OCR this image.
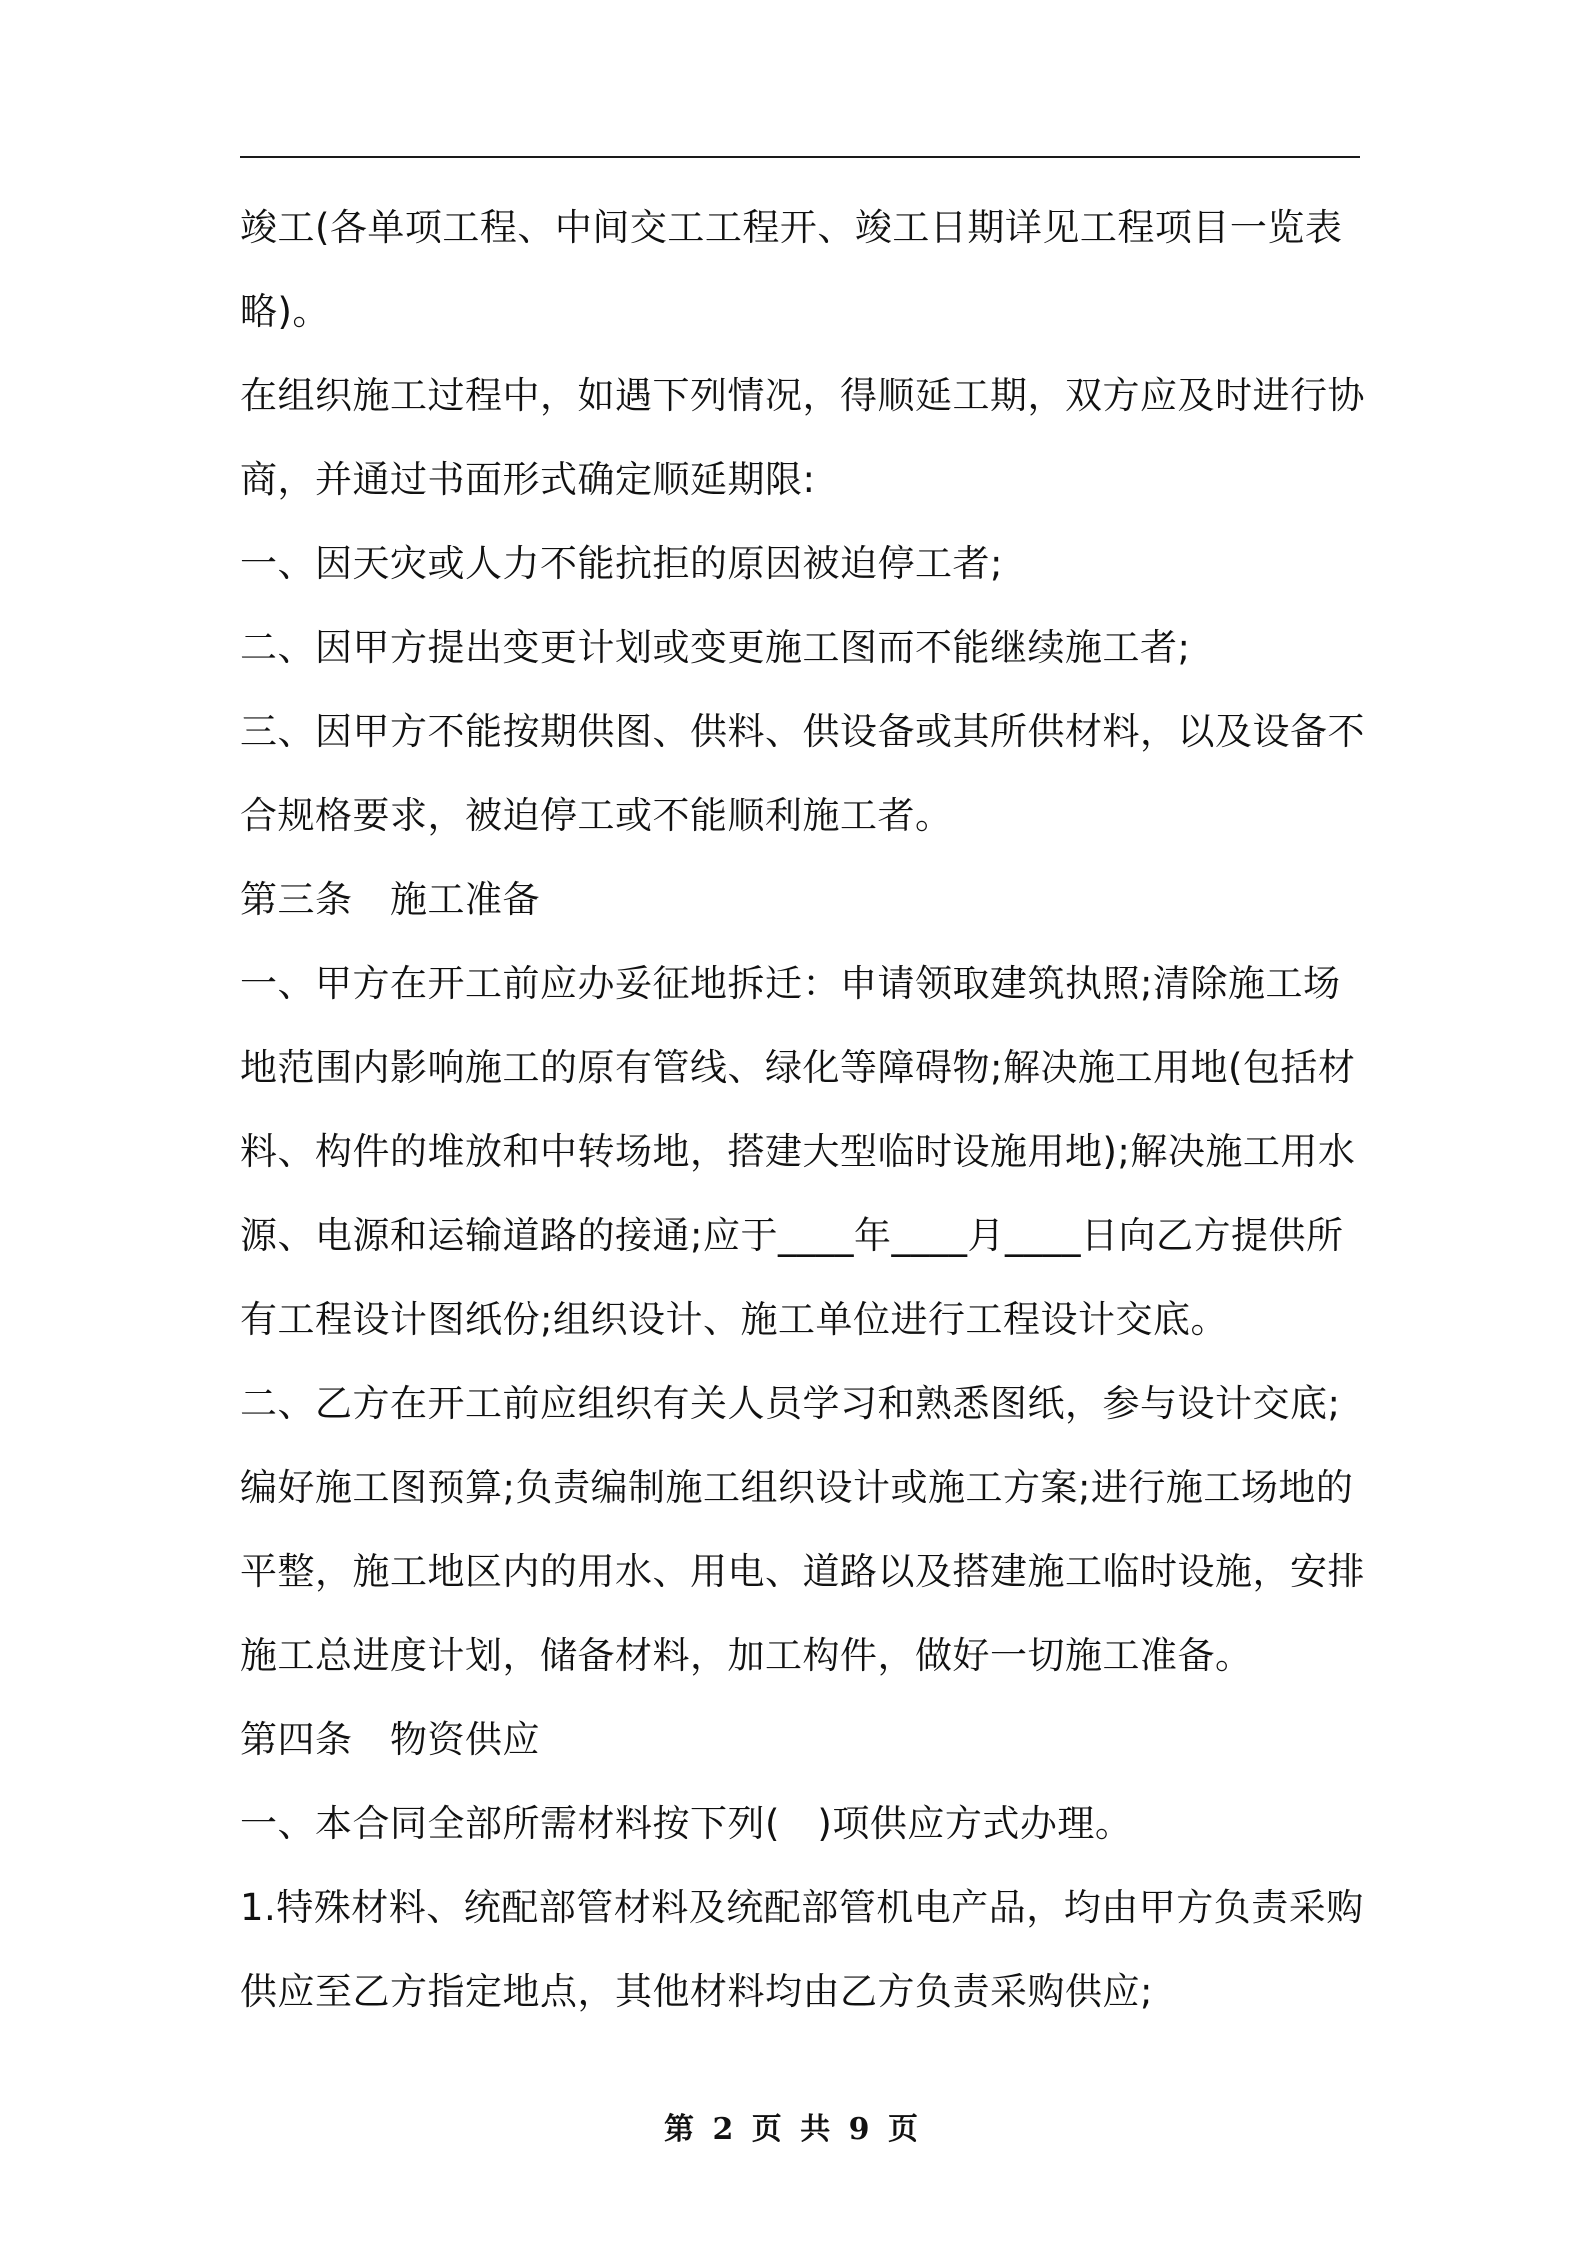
竣工(各单项工程、中间交工工程开、竣工日期详见工程项目一览表
略)。
在组织施工过程中，如遇下列情况，得顺延工期，双方应及时进行协
商，并通过书面形式确定顺延期限:
一、因天灾或人力不能抗拒的原因被迫停工者;
二、因甲方提出变更计划或变更施工图而不能继续施工者;
三、因甲方不能按期供图、供料、供设备或其所供材料，以及设备不
合规格要求，被迫停工或不能顺利施工者。
第三条　施工准备
一、甲方在开工前应办妥征地拆迁：申请领取建筑执照;清除施工场
地范围内影响施工的原有管线、绿化等障碍物;解决施工用地(包括材
料、构件的堆放和中转场地，搭建大型临时设施用地);解决施工用水
源、电源和运输道路的接通;应于____年____月____日向乙方提供所
有工程设计图纸份;组织设计、施工单位进行工程设计交底。
二、乙方在开工前应组织有关人员学习和熟悉图纸，参与设计交底;
编好施工图预算;负责编制施工组织设计或施工方案;进行施工场地的
平整，施工地区内的用水、用电、道路以及搭建施工临时设施，安排
施工总进度计划，储备材料，加工构件，做好一切施工准备。
第四条　物资供应
一、本合同全部所需材料按下列(　)项供应方式办理。
1.特殊材料、统配部管材料及统配部管机电产品，均由甲方负责采购
供应至乙方指定地点，其他材料均由乙方负责采购供应;
第 2 页 共 9 页
